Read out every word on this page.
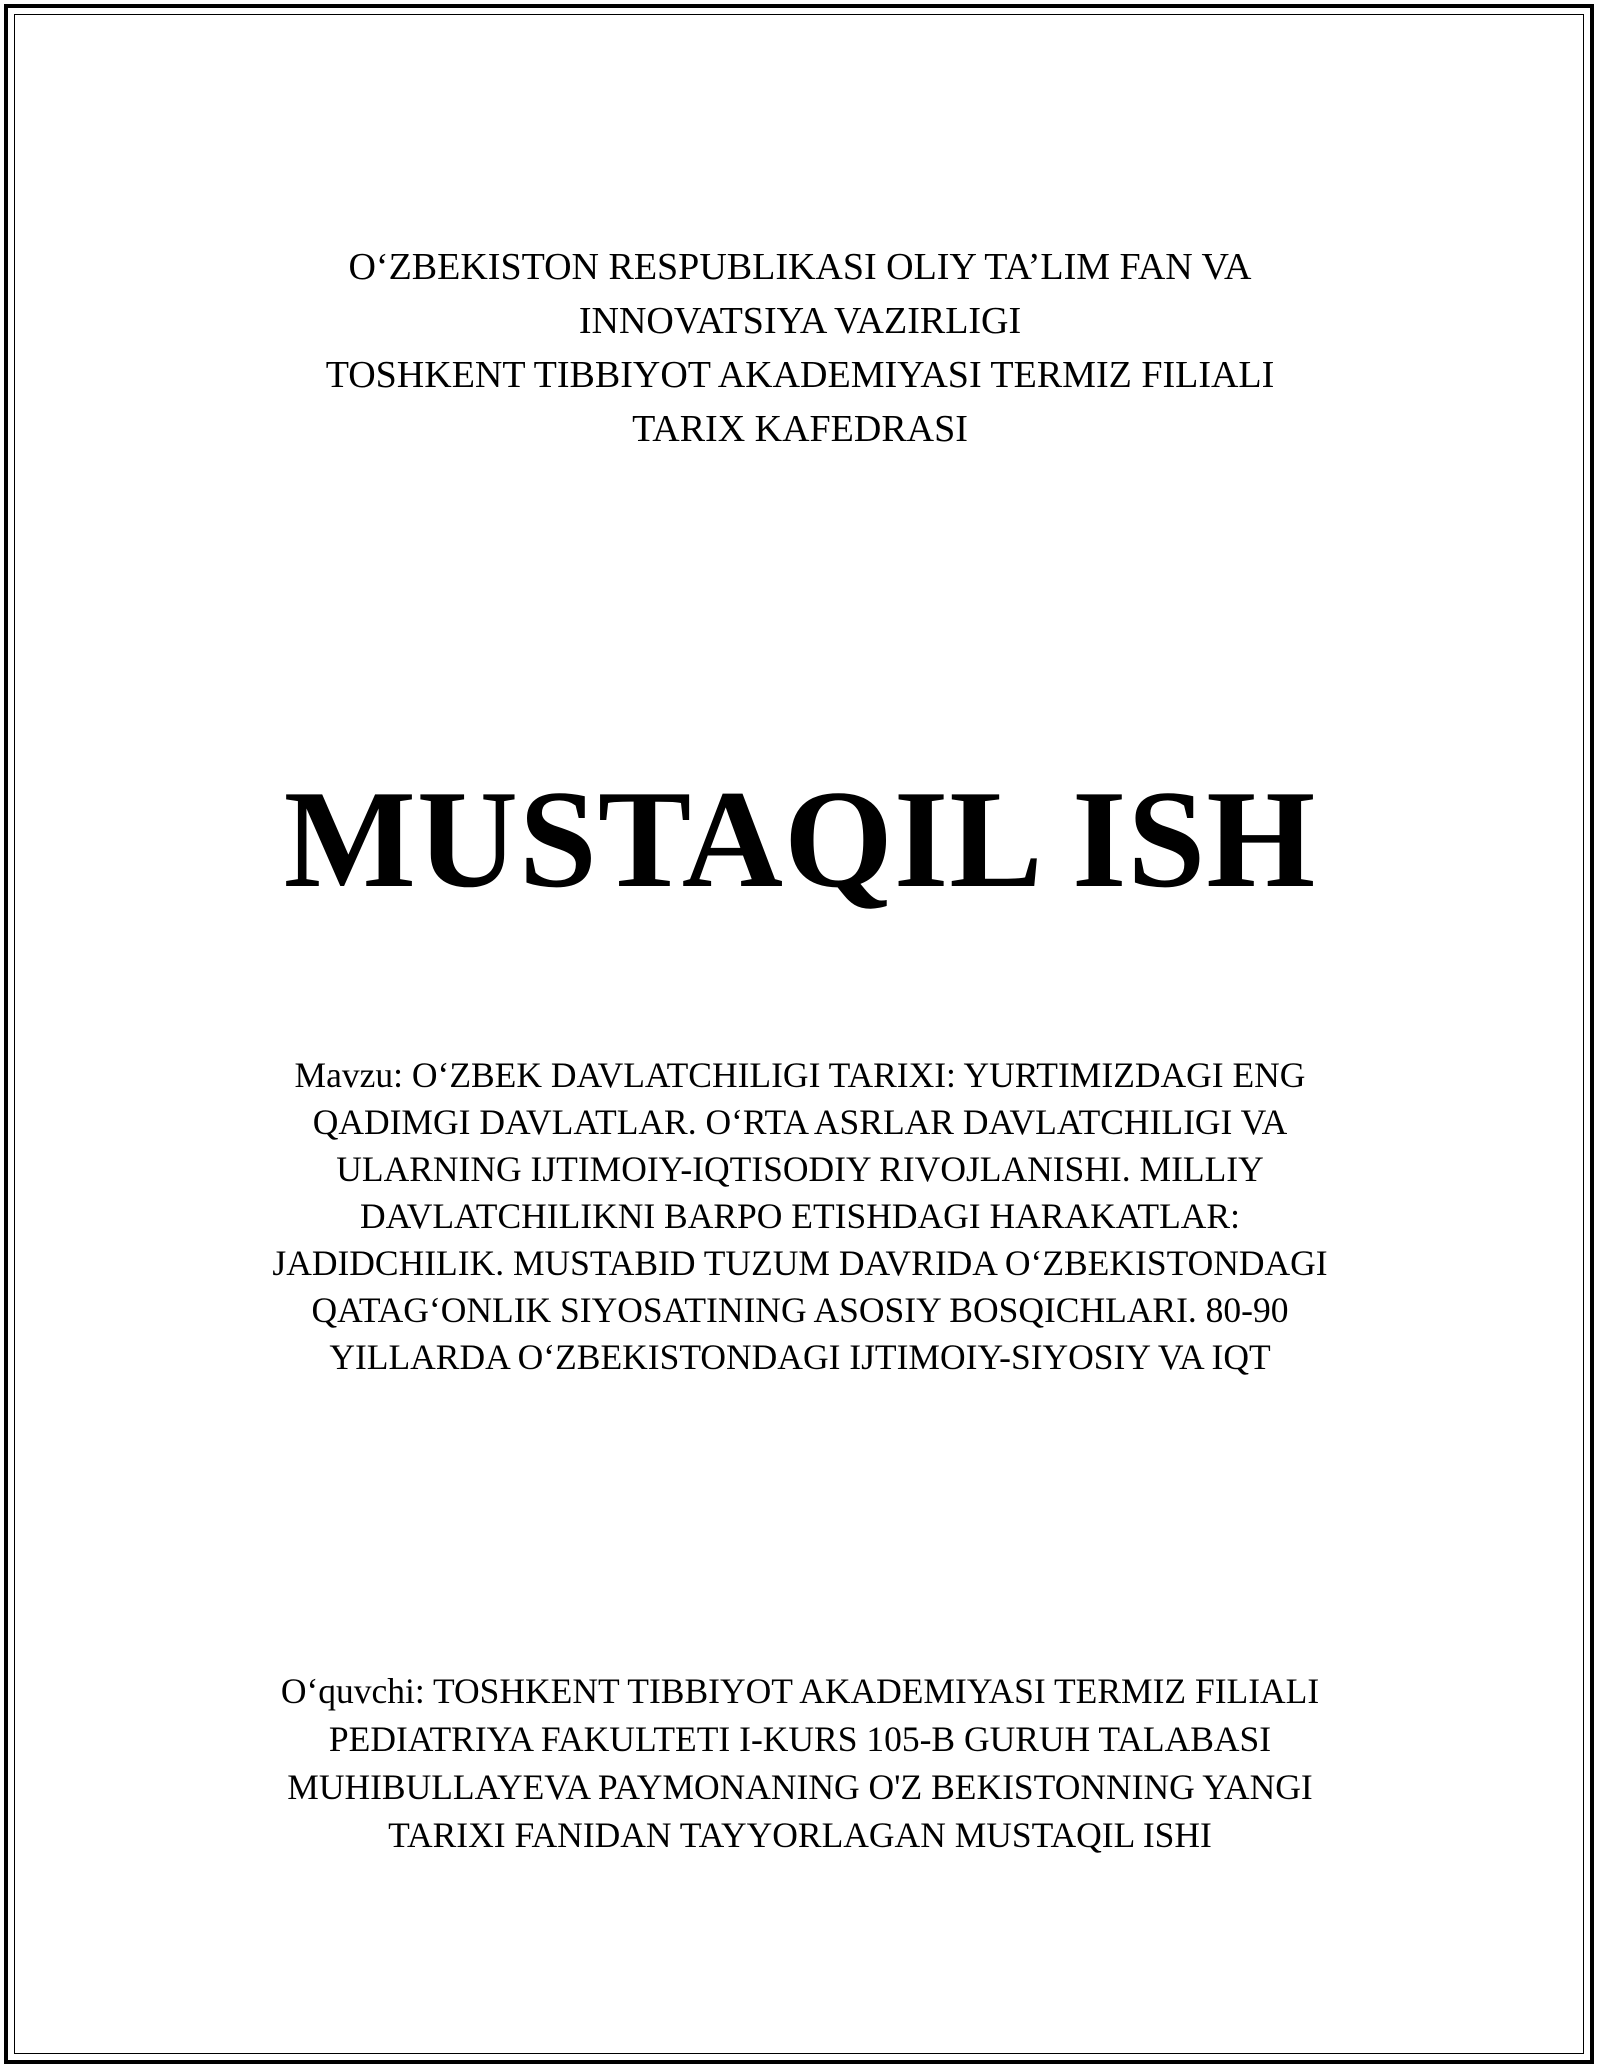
O‘ZBEKISTON RESPUBLIKASI OLIY TA’LIM FAN VA
INNOVATSIYA VAZIRLIGI
TOSHKENT TIBBIYOT AKADEMIYASI TERMIZ FILIALI
TARIX KAFEDRASI
MUSTAQIL ISH

Mavzu: O‘ZBEK DAVLATCHILIGI TARIXI: YURTIMIZDAGI ENG QADIMGI DAVLATLAR. O‘RTA ASRLAR DAVLATCHILIGI VA ULARNING IJTIMOIY-IQTISODIY RIVOJLANISHI. MILLIY DAVLATCHILIKNI BARPO ETISHDAGI HARAKATLAR: JADIDCHILIK. MUSTABID TUZUM DAVRIDA O‘ZBEKISTONDAGI QATAG‘ONLIK SIYOSATINING ASOSIY BOSQICHLARI. 80-90 YILLARDA O‘ZBEKISTONDAGI IJTIMOIY-SIYOSIY VA IQT

O‘quvchi: TOSHKENT TIBBIYOT AKADEMIYASI TERMIZ FILIALI PEDIATRIYA FAKULTETI I-KURS 105-B GURUH TALABASI MUHIBULLAYEVA PAYMONANING O'Z BEKISTONNING YANGI TARIXI FANIDAN TAYYORLAGAN MUSTAQIL ISHI
